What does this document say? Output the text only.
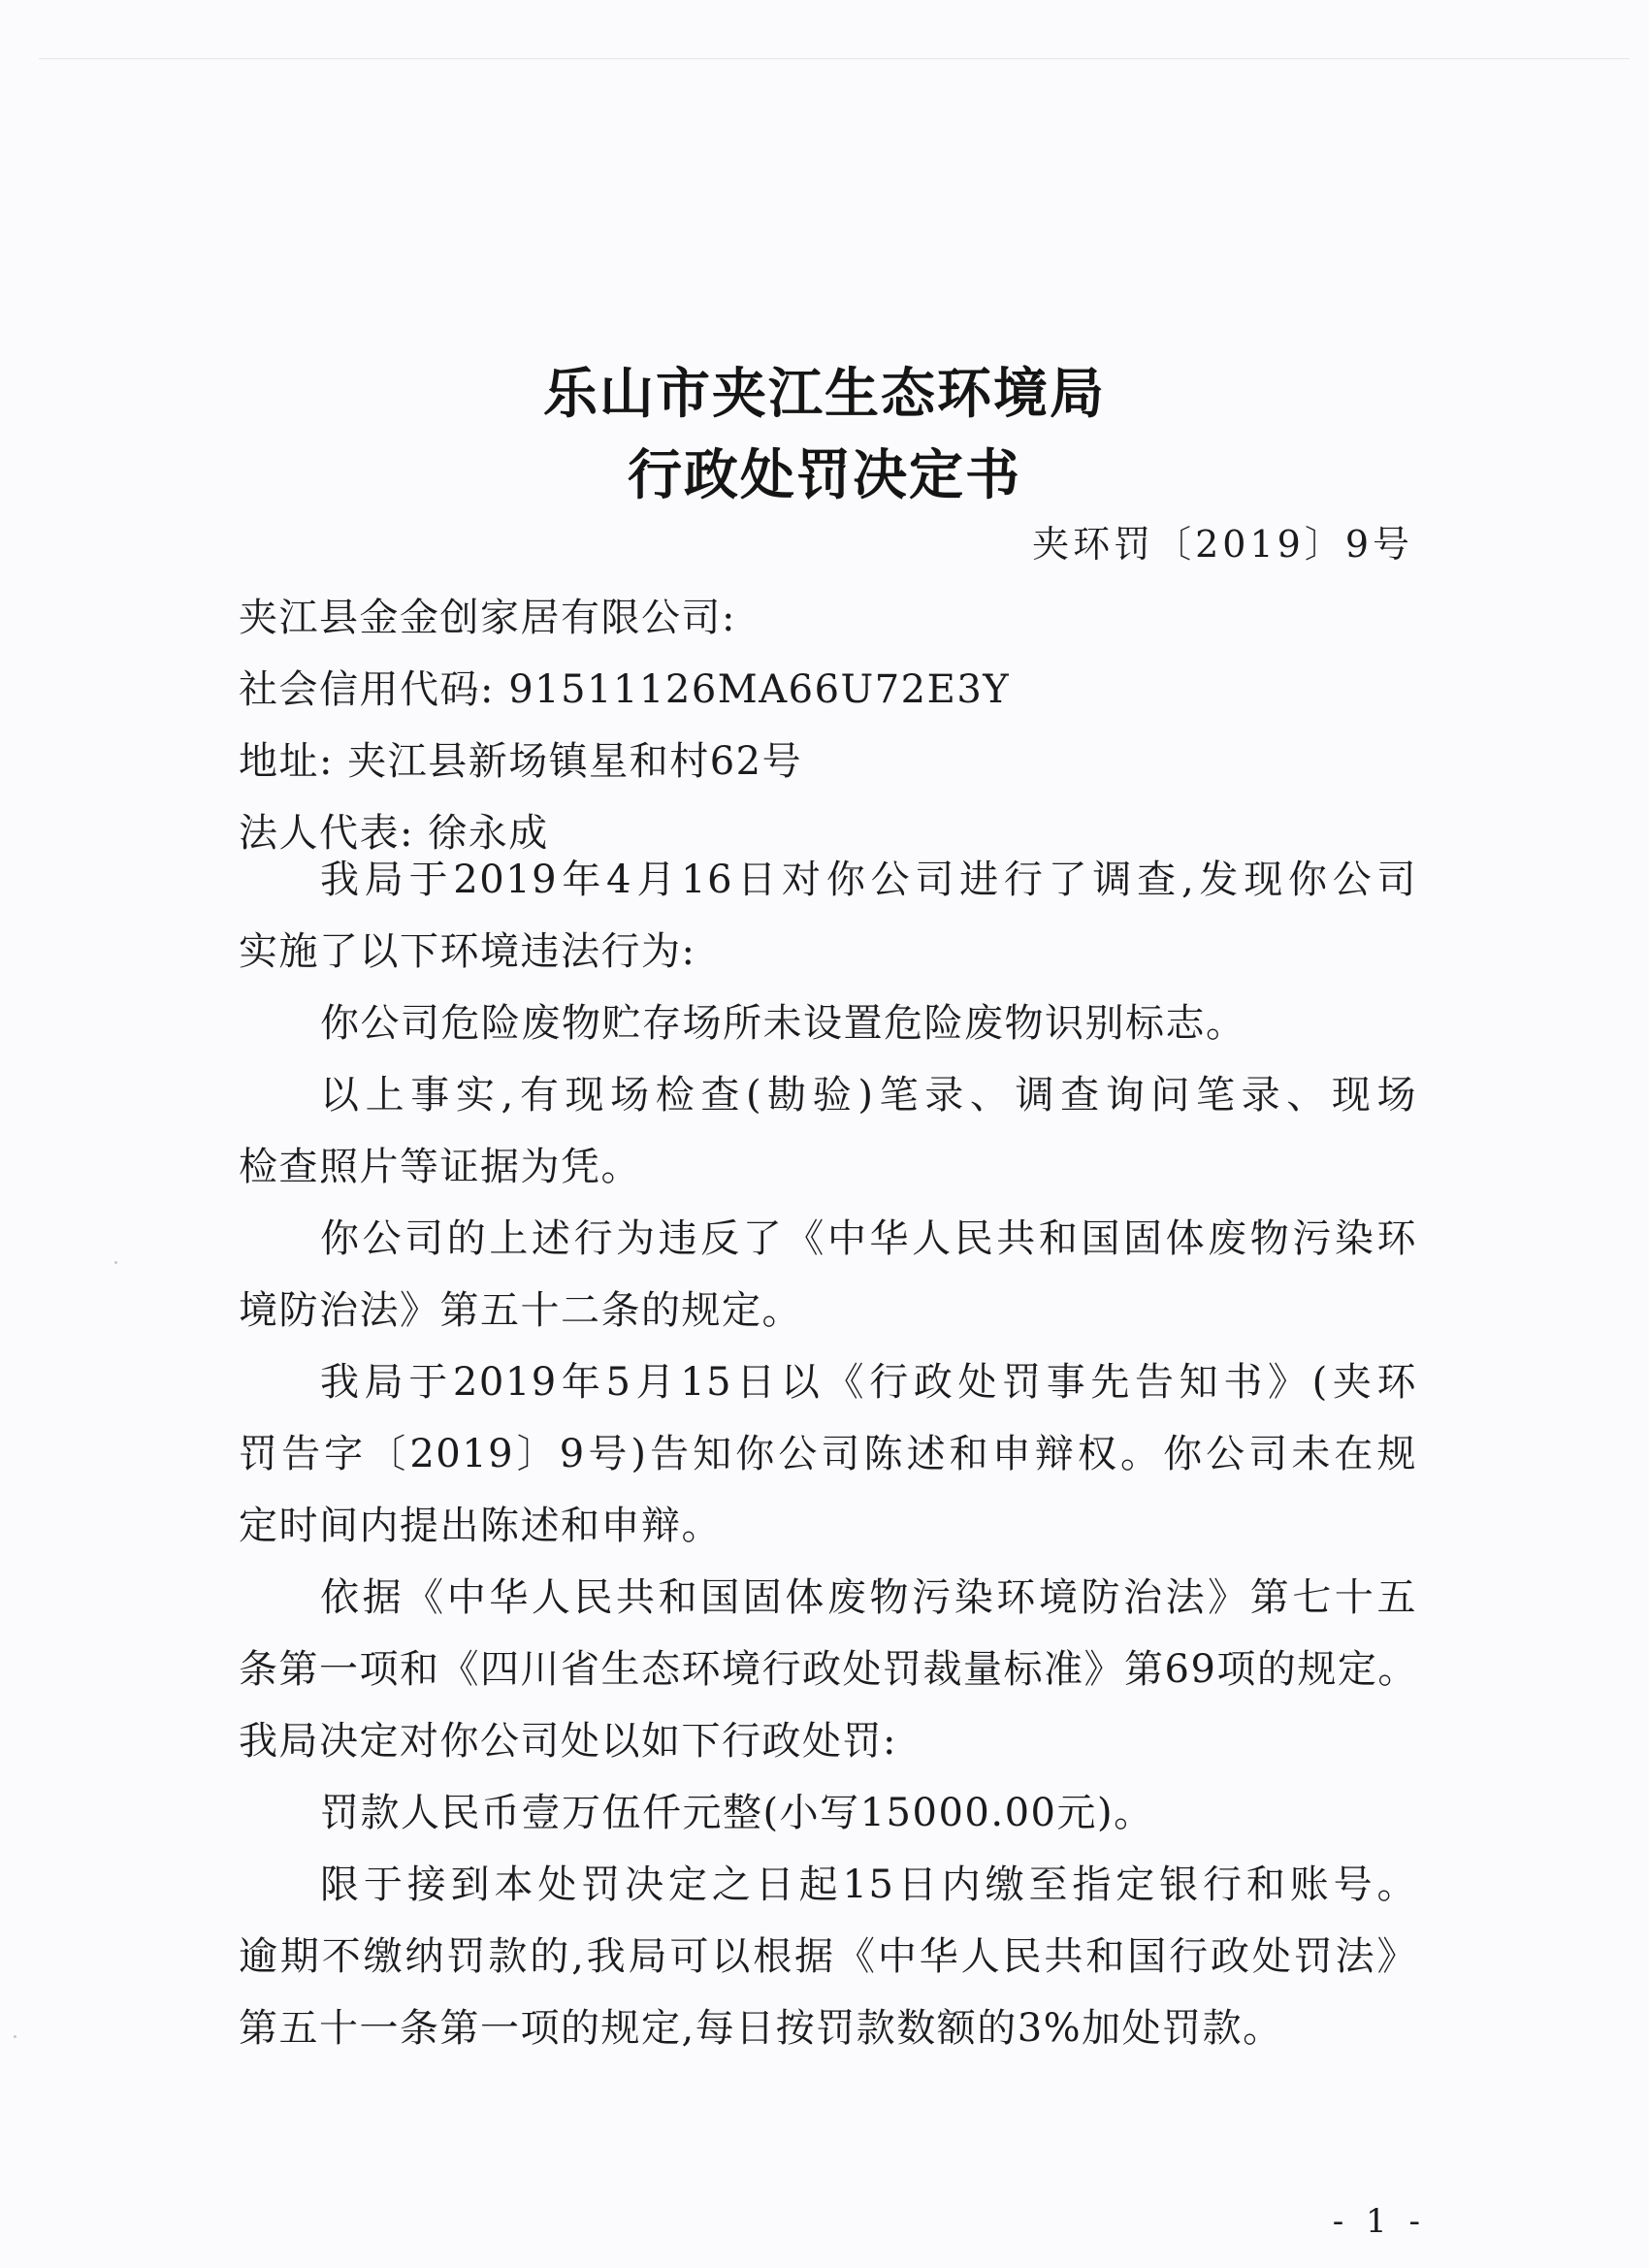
乐山市夹江生态环境局
行政处罚决定书
夹环罚〔2019〕9号
夹江县金金创家居有限公司:
社会信用代码: 91511126MA66U72E3Y
地址: 夹江县新场镇星和村62号
法人代表: 徐永成
我局于2019年4月16日对你公司进行了调查,发现你公司
实施了以下环境违法行为:
你公司危险废物贮存场所未设置危险废物识别标志。
以上事实,有现场检查(勘验)笔录、调查询问笔录、现场
检查照片等证据为凭。
你公司的上述行为违反了《中华人民共和国固体废物污染环
境防治法》第五十二条的规定。
我局于2019年5月15日以《行政处罚事先告知书》(夹环
罚告字〔2019〕9号)告知你公司陈述和申辩权。你公司未在规
定时间内提出陈述和申辩。
依据《中华人民共和国固体废物污染环境防治法》第七十五
条第一项和《四川省生态环境行政处罚裁量标准》第69项的规定。
我局决定对你公司处以如下行政处罚:
罚款人民币壹万伍仟元整(小写15000.00元)。
限于接到本处罚决定之日起15日内缴至指定银行和账号。
逾期不缴纳罚款的,我局可以根据《中华人民共和国行政处罚法》
第五十一条第一项的规定,每日按罚款数额的3%加处罚款。
- 1 -
